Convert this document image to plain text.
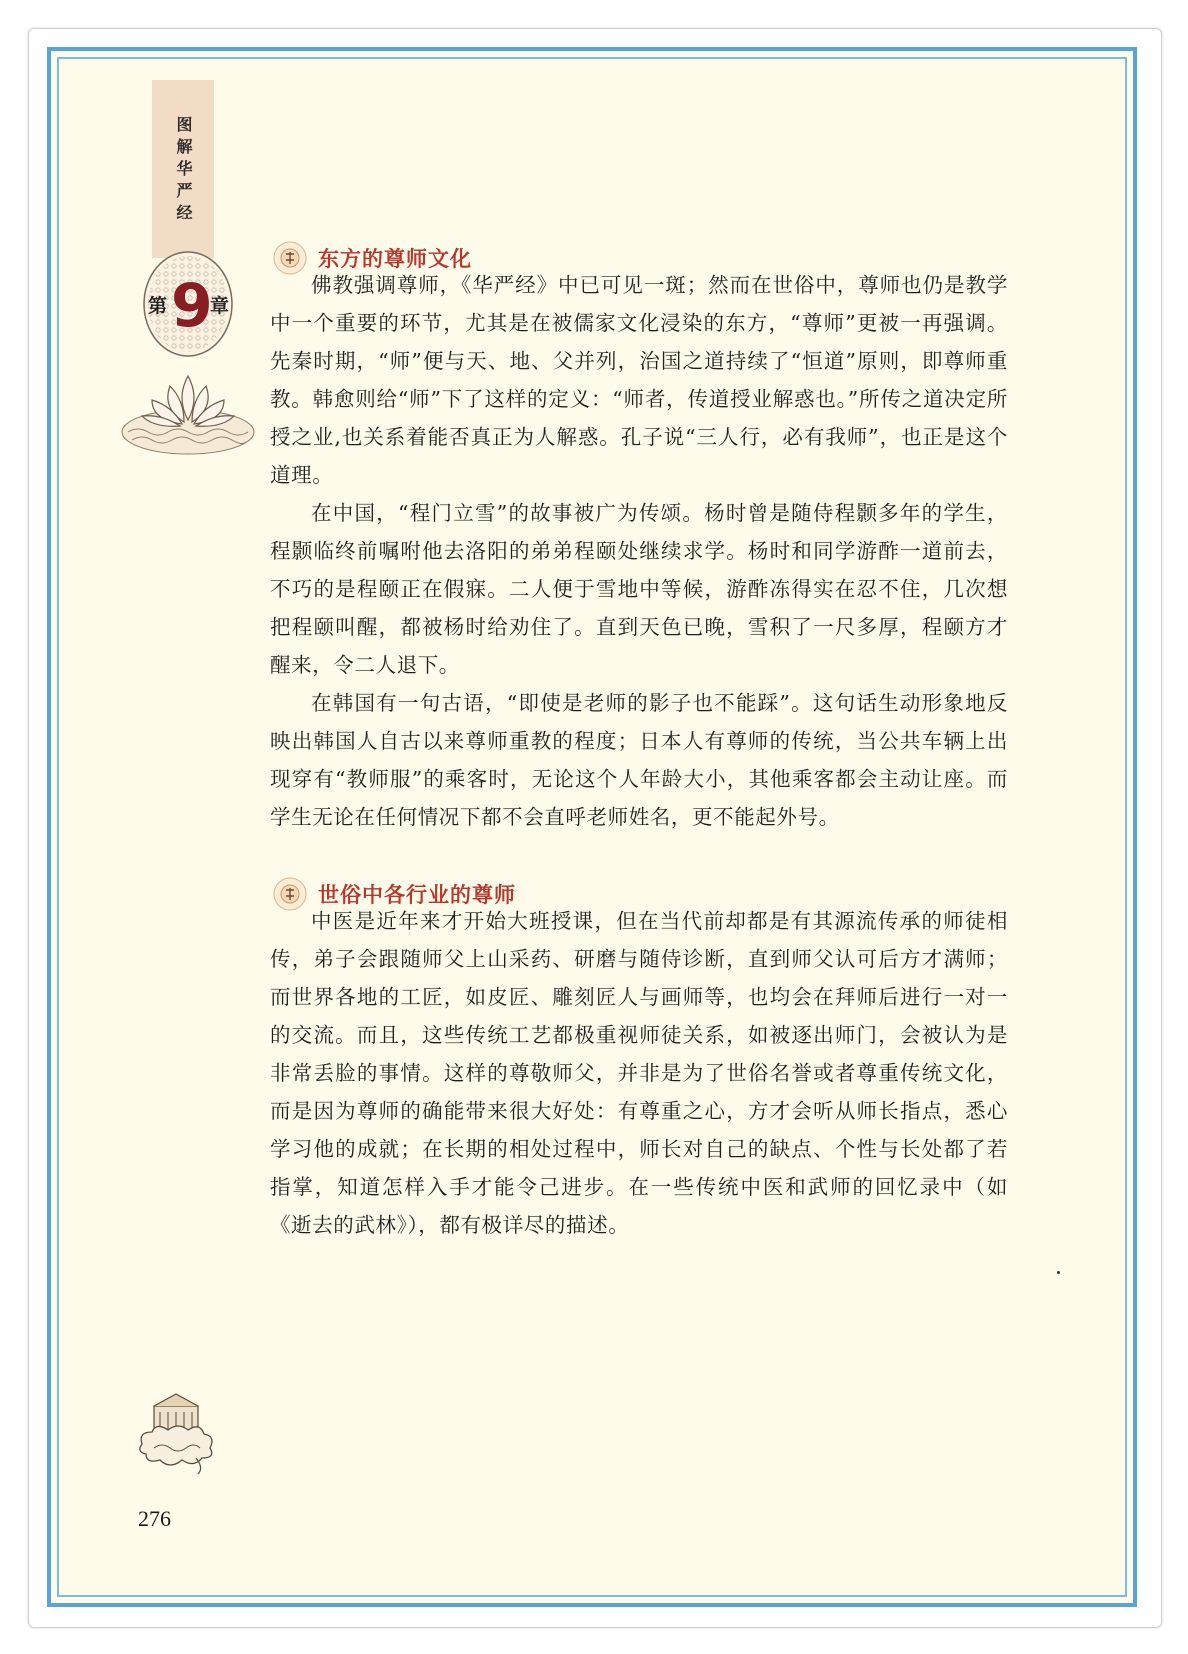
图解华严经
第 9
章
东方的尊师文化

佛教强调尊师，《华严经》中已可见一斑；然而在世俗中，尊师也仍是教学中一个重要的环节，尤其是在被儒家文化浸染的东方，“尊师”更被一再强调。先秦时期，“师”便与天、地、父并列，治国之道持续了“恒道”原则，即尊师重教。韩愈则给“师”下了这样的定义：“师者，传道授业解惑也。”所传之道决定所授之业,也关系着能否真正为人解惑。孔子说“三人行，必有我师”，也正是这个道理。

在中国，“程门立雪”的故事被广为传颂。杨时曾是随侍程颢多年的学生，程颢临终前嘱咐他去洛阳的弟弟程颐处继续求学。杨时和同学游酢一道前去，不巧的是程颐正在假寐。二人便于雪地中等候，游酢冻得实在忍不住，几次想把程颐叫醒，都被杨时给劝住了。直到天色已晚，雪积了一尺多厚，程颐方才醒来，令二人退下。

在韩国有一句古语，“即使是老师的影子也不能踩”。这句话生动形象地反映出韩国人自古以来尊师重教的程度；日本人有尊师的传统，当公共车辆上出现穿有“教师服”的乘客时，无论这个人年龄大小，其他乘客都会主动让座。而学生无论在任何情况下都不会直呼老师姓名，更不能起外号。

世俗中各行业的尊师

中医是近年来才开始大班授课，但在当代前却都是有其源流传承的师徒相传，弟子会跟随师父上山采药、研磨与随侍诊断，直到师父认可后方才满师；而世界各地的工匠，如皮匠、雕刻匠人与画师等，也均会在拜师后进行一对一的交流。而且，这些传统工艺都极重视师徒关系，如被逐出师门，会被认为是非常丢脸的事情。这样的尊敬师父，并非是为了世俗名誉或者尊重传统文化，而是因为尊师的确能带来很大好处：有尊重之心，方才会听从师长指点，悉心学习他的成就；在长期的相处过程中，师长对自己的缺点、个性与长处都了若指掌，知道怎样入手才能令己进步。在一些传统中医和武师的回忆录中（如《逝去的武林》），都有极详尽的描述。

276
